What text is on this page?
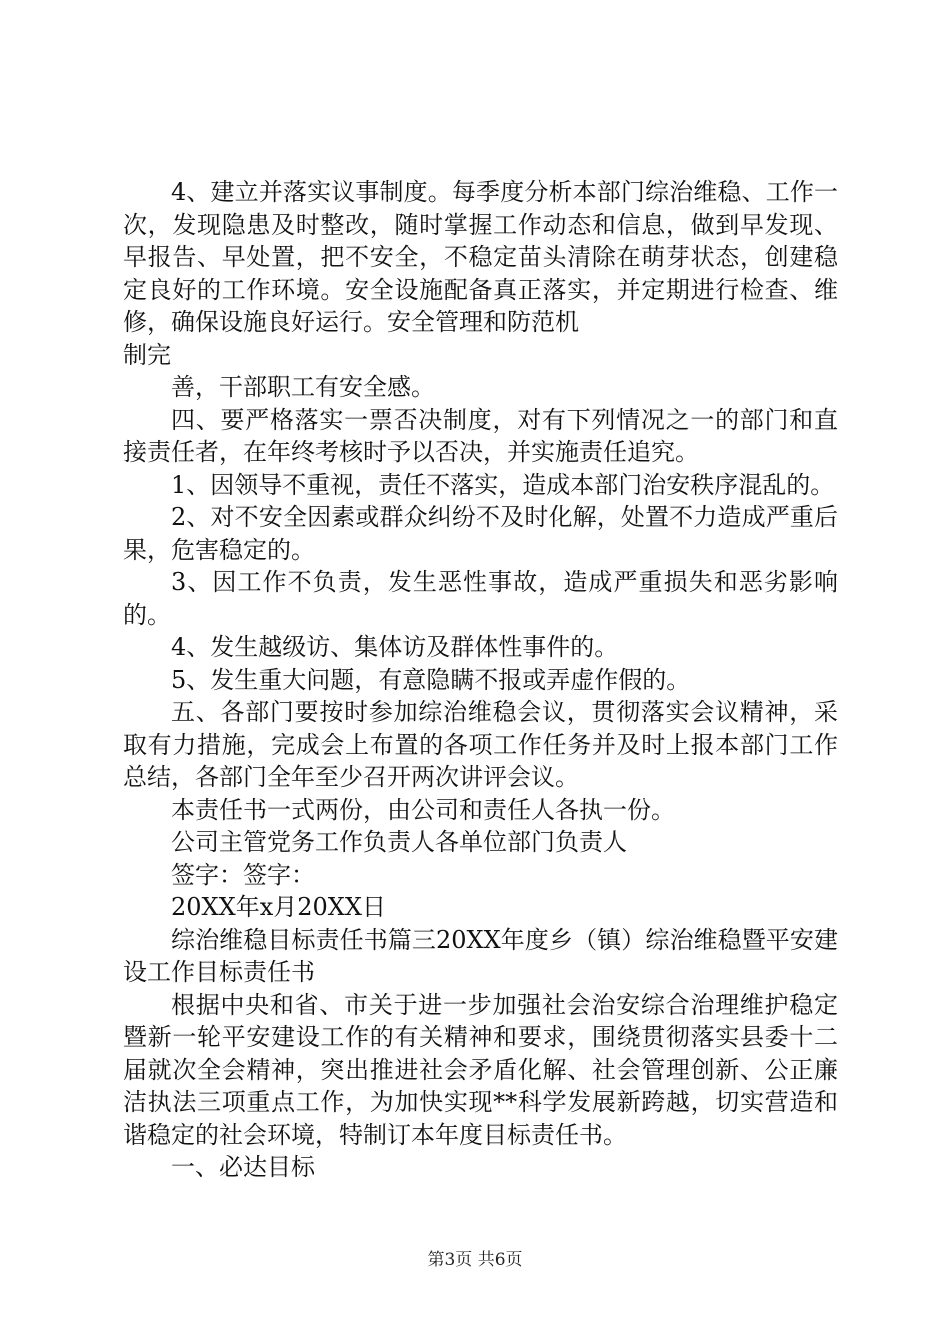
4、建立并落实议事制度。每季度分析本部门综治维稳、工作一次，发现隐患及时整改，随时掌握工作动态和信息，做到早发现、早报告、早处置，把不安全，不稳定苗头清除在萌芽状态，创建稳定良好的工作环境。安全设施配备真正落实，并定期进行检查、维修，确保设施良好运行。安全管理和防范机

制完

善，干部职工有安全感。

四、要严格落实一票否决制度，对有下列情况之一的部门和直接责任者，在年终考核时予以否决，并实施责任追究。

1、因领导不重视，责任不落实，造成本部门治安秩序混乱的。

2、对不安全因素或群众纠纷不及时化解，处置不力造成严重后果，危害稳定的。

3、因工作不负责，发生恶性事故，造成严重损失和恶劣影响的。

4、发生越级访、集体访及群体性事件的。

5、发生重大问题，有意隐瞒不报或弄虚作假的。

五、各部门要按时参加综治维稳会议，贯彻落实会议精神，采取有力措施，完成会上布置的各项工作任务并及时上报本部门工作总结，各部门全年至少召开两次讲评会议。

本责任书一式两份，由公司和责任人各执一份。

公司主管党务工作负责人各单位部门负责人

签字：签字：

20XX年x月20XX日

综治维稳目标责任书篇三20XX年度乡（镇）综治维稳暨平安建设工作目标责任书

根据中央和省、市关于进一步加强社会治安综合治理维护稳定暨新一轮平安建设工作的有关精神和要求，围绕贯彻落实县委十二届就次全会精神，突出推进社会矛盾化解、社会管理创新、公正廉洁执法三项重点工作，为加快实现**科学发展新跨越，切实营造和谐稳定的社会环境，特制订本年度目标责任书。

一、必达目标

第3页 共6页
